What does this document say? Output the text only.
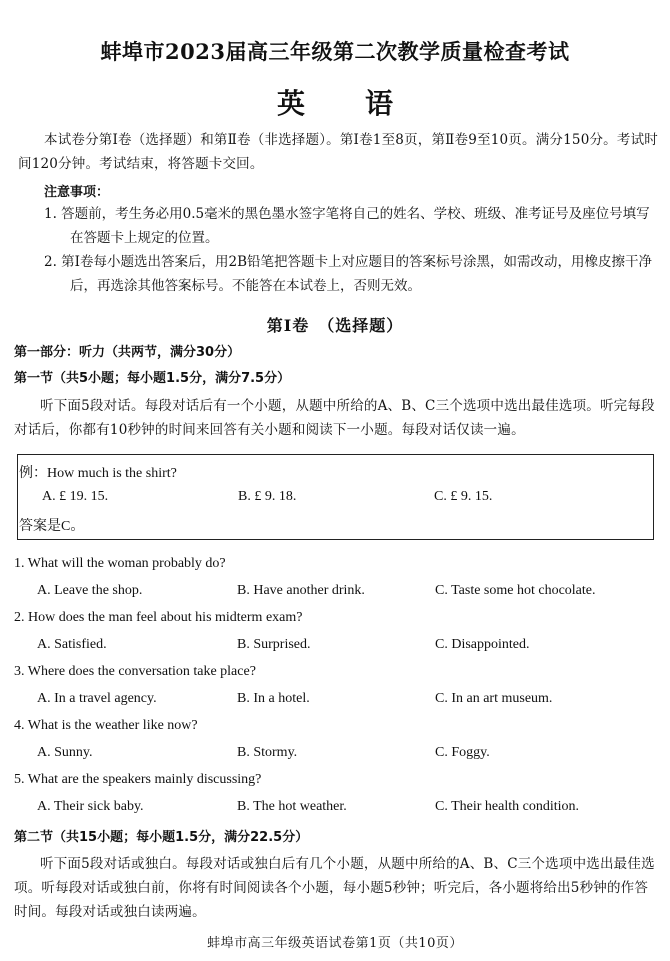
蚌埠市2023届高三年级第二次教学质量检查考试
英语
本试卷分第Ⅰ卷（选择题）和第Ⅱ卷（非选择题）。第Ⅰ卷1至8页，第Ⅱ卷9至10页。满分150分。考试时间120分钟。考试结束，将答题卡交回。
注意事项：
1. 答题前，考生务必用0.5毫米的黑色墨水签字笔将自己的姓名、学校、班级、准考证号及座位号填写在答题卡上规定的位置。
2. 第Ⅰ卷每小题选出答案后，用2B铅笔把答题卡上对应题目的答案标号涂黑，如需改动，用橡皮擦干净后，再选涂其他答案标号。不能答在本试卷上，否则无效。
第Ⅰ卷　（选择题）
第一部分：听力（共两节，满分30分）
第一节（共5小题；每小题1.5分，满分7.5分）
听下面5段对话。每段对话后有一个小题，从题中所给的A、B、C三个选项中选出最佳选项。听完每段对话后，你都有10秒钟的时间来回答有关小题和阅读下一小题。每段对话仅读一遍。
例：How much is the shirt?
A. £ 19. 15.	B. £ 9. 18.	C. £ 9. 15.
答案是C。
1. What will the woman probably do?
A. Leave the shop.	B. Have another drink.	C. Taste some hot chocolate.
2. How does the man feel about his midterm exam?
A. Satisfied.	B. Surprised.	C. Disappointed.
3. Where does the conversation take place?
A. In a travel agency.	B. In a hotel.	C. In an art museum.
4. What is the weather like now?
A. Sunny.	B. Stormy.	C. Foggy.
5. What are the speakers mainly discussing?
A. Their sick baby.	B. The hot weather.	C. Their health condition.
第二节（共15小题；每小题1.5分，满分22.5分）
听下面5段对话或独白。每段对话或独白后有几个小题，从题中所给的A、B、C三个选项中选出最佳选项。听每段对话或独白前，你将有时间阅读各个小题，每小题5秒钟；听完后，各小题将给出5秒钟的作答时间。每段对话或独白读两遍。
蚌埠市高三年级英语试卷第1页（共10页）
